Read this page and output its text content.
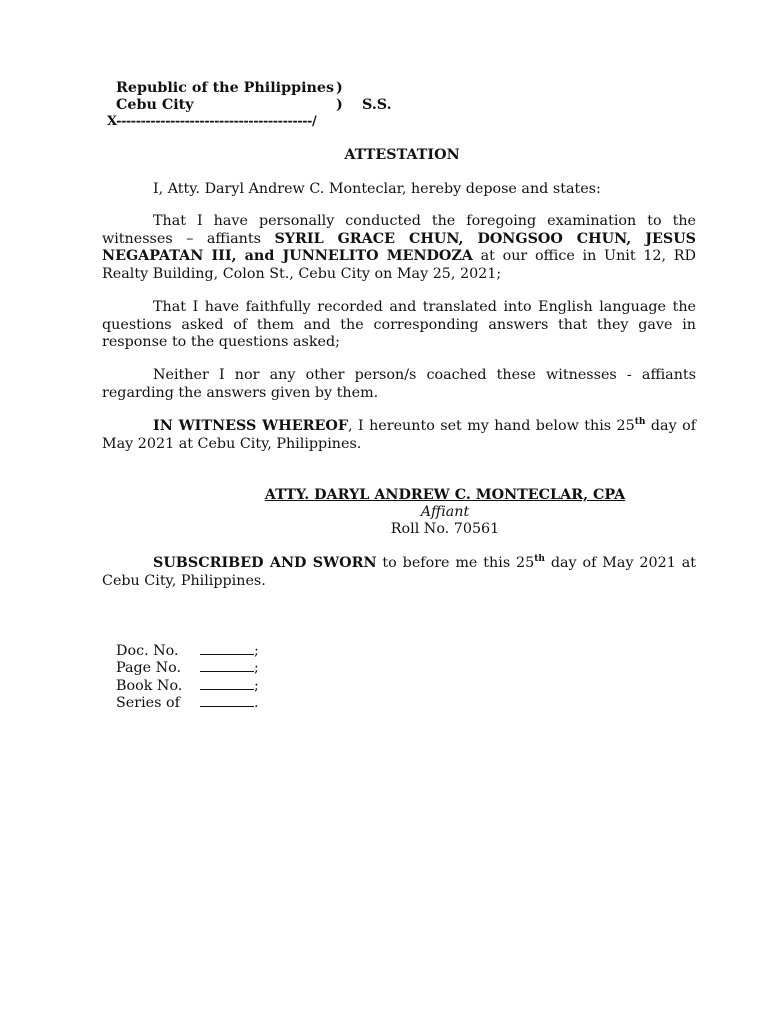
Republic of the Philippines )
Cebu City	) S.S.
X----------------------------------------/
ATTESTATION
I, Atty. Daryl Andrew C. Monteclar, hereby depose and states:
That I have personally conducted the foregoing examination to the witnesses – affiants SYRIL GRACE CHUN, DONGSOO CHUN, JESUS NEGAPATAN III, and JUNNELITO MENDOZA at our office in Unit 12, RD Realty Building, Colon St., Cebu City on May 25, 2021;
That I have faithfully recorded and translated into English language the questions asked of them and the corresponding answers that they gave in response to the questions asked;
Neither I nor any other person/s coached these witnesses - affiants regarding the answers given by them.
IN WITNESS WHEREOF, I hereunto set my hand below this 25th day of May 2021 at Cebu City, Philippines.
ATTY. DARYL ANDREW C. MONTECLAR, CPA
Affiant
Roll No. 70561
SUBSCRIBED AND SWORN to before me this 25th day of May 2021 at Cebu City, Philippines.
Doc. No.	;
Page No.	;
Book No.	;
Series of	.
